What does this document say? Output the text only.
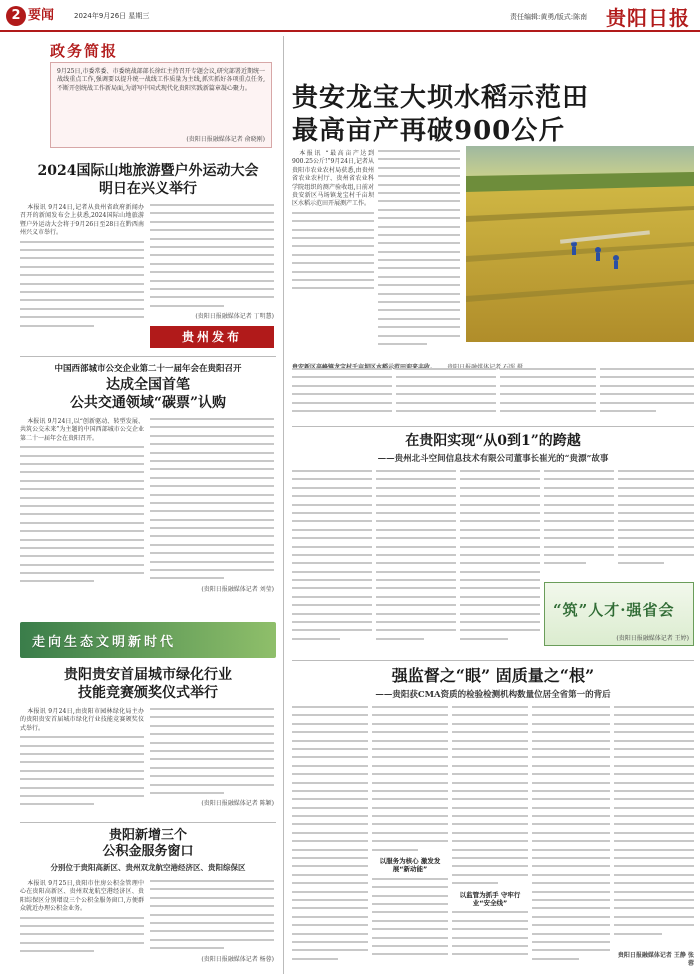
2 要闻	2024年9月26日 星期三	责任编辑:黄勇/版式:陈南 贵阳日报
政务简报
9月25日,市委常委、市委统战部部长徐红主持召开专题会议,研究部署近期统一战线重点工作,强调要以提升统一战线工作质量为主线,抓实抓好各项重点任务,不断开创统战工作新局面,为谱写中国式现代化贵阳实践新篇章凝心聚力。
(贵阳日报融媒体记者 俞晓刚)
2024国际山地旅游暨户外运动大会
明日在兴义举行

本报讯 9月24日,记者从贵州省政府新闻办召开的新闻发布会上获悉,2024国际山地旅游暨户外运动大会将于9月26日至28日在黔西南州兴义市举行。

(贵阳日报融媒体记者 丁明慧)
贵州发布
中国西部城市公交企业第二十一届年会在贵阳召开
达成全国首笔
公共交通领域“碳票”认购

本报讯 9月24日,以“创新驱动、转型发展、共筑公交未来”为主题的中国西部城市公交企业第二十一届年会在贵阳召开。

(贵阳日报融媒体记者 刘莹)
走向生态文明新时代
贵阳贵安首届城市绿化行业
技能竞赛颁奖仪式举行

本报讯 9月24日,由贵阳市园林绿化局主办的贵阳贵安首届城市绿化行业技能竞赛颁奖仪式举行。

(贵阳日报融媒体记者 陈颖)
贵阳新增三个
公积金服务窗口
分别位于贵阳高新区、贵州双龙航空港经济区、贵阳综保区

本报讯 9月25日,贵阳市住房公积金管理中心在贵阳高新区、贵州双龙航空港经济区、贵阳综保区分别增设三个公积金服务窗口,方便群众就近办理公积金业务。

(贵阳日报融媒体记者 杨蓉)
贵安龙宝大坝水稻示范田
最高亩产再破900公斤

本报讯 “最高亩产达到900.25公斤!”9月24日,记者从贵阳市农业农村局获悉,由贵州省农业农村厅、贵州省农业科学院组织的测产验收组,日前对贵安新区马场镇龙宝村千亩坝区水稻示范田开展测产工作。

在贵阳实现“从0到1”的跨越
——贵州北斗空间信息技术有限公司董事长崔光的“贵漂”故事
“筑”人才·强省会
(贵阳日报融媒体记者 王婷)
强监督之“眼” 固质量之“根”
——贵阳获CMA资质的检验检测机构数量位居全省第一的背后
以服务为核心 激发发展“新动能”
以监管为抓手 守牢行业“安全线”
贵阳日报融媒体记者 王静 张蓉
